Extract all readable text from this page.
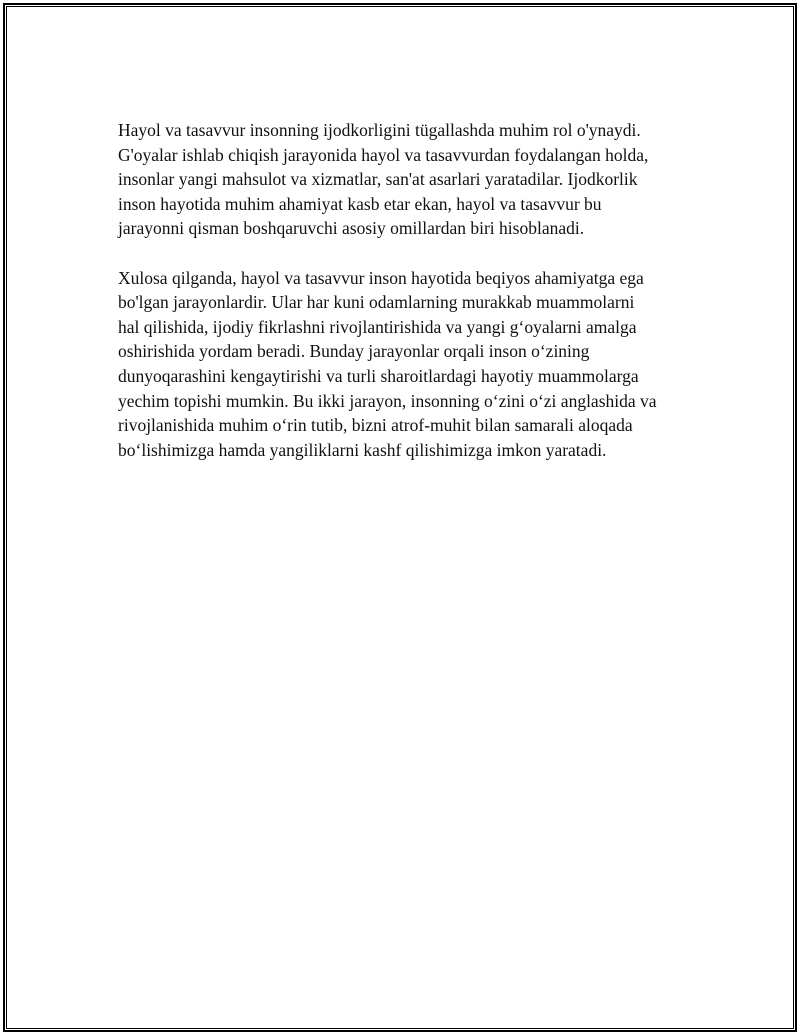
Hayol va tasavvur insonning ijodkorligini tügallashda muhim rol o'ynaydi.
G'oyalar ishlab chiqish jarayonida hayol va tasavvurdan foydalangan holda,
insonlar yangi mahsulot va xizmatlar, san'at asarlari yaratadilar. Ijodkorlik
inson hayotida muhim ahamiyat kasb etar ekan, hayol va tasavvur bu
jarayonni qisman boshqaruvchi asosiy omillardan biri hisoblanadi.

Xulosa qilganda, hayol va tasavvur inson hayotida beqiyos ahamiyatga ega
bo'lgan jarayonlardir. Ular har kuni odamlarning murakkab muammolarni
hal qilishida, ijodiy fikrlashni rivojlantirishida va yangi g‘oyalarni amalga
oshirishida yordam beradi. Bunday jarayonlar orqali inson o‘zining
dunyoqarashini kengaytirishi va turli sharoitlardagi hayotiy muammolarga
yechim topishi mumkin. Bu ikki jarayon, insonning o‘zini o‘zi anglashida va
rivojlanishida muhim o‘rin tutib, bizni atrof-muhit bilan samarali aloqada
bo‘lishimizga hamda yangiliklarni kashf qilishimizga imkon yaratadi.
